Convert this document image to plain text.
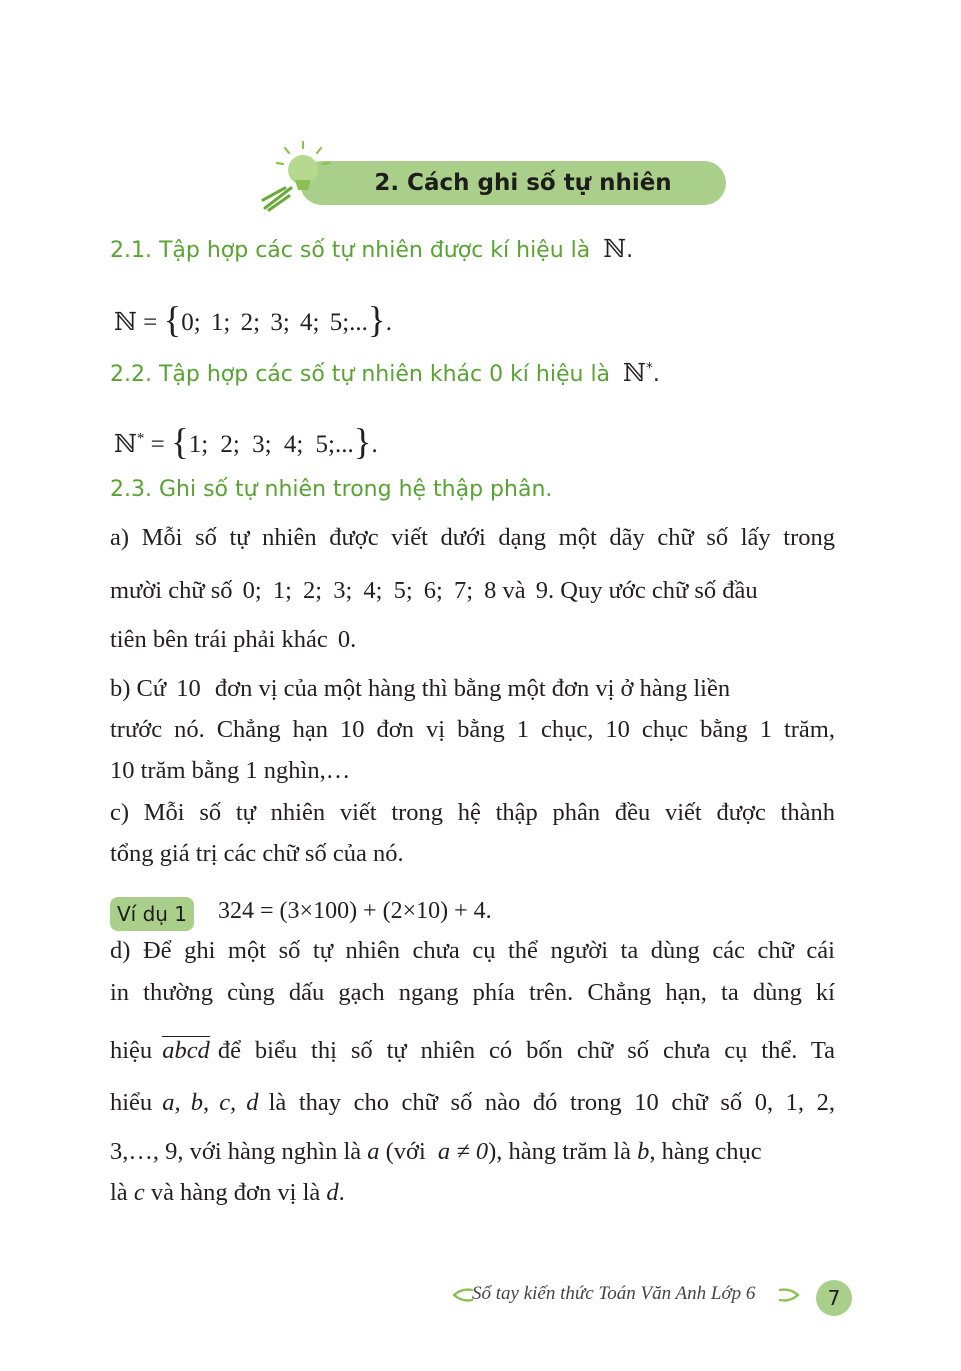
2. Cách ghi số tự nhiên
2.1. Tập hợp các số tự nhiên được kí hiệu là ℕ.
ℕ = {0; 1; 2; 3; 4; 5;...}.
2.2. Tập hợp các số tự nhiên khác 0 kí hiệu là ℕ*.
ℕ* = {1; 2; 3; 4; 5;...}.
2.3. Ghi số tự nhiên trong hệ thập phân.
a) Mỗi số tự nhiên được viết dưới dạng một dãy chữ số lấy trong
mười chữ số 0; 1; 2; 3; 4; 5; 6; 7; 8 và 9. Quy ước chữ số đầu
tiên bên trái phải khác 0.
b) Cứ 10 đơn vị của một hàng thì bằng một đơn vị ở hàng liền
trước nó. Chẳng hạn 10 đơn vị bằng 1 chục, 10 chục bằng 1 trăm,
10 trăm bằng 1 nghìn,…
c) Mỗi số tự nhiên viết trong hệ thập phân đều viết được thành
tổng giá trị các chữ số của nó.
Ví dụ 1 324 = (3×100) + (2×10) + 4.
d) Để ghi một số tự nhiên chưa cụ thể người ta dùng các chữ cái
in thường cùng dấu gạch ngang phía trên. Chẳng hạn, ta dùng kí
hiệu abcd để biểu thị số tự nhiên có bốn chữ số chưa cụ thể. Ta
hiểu a, b, c, d là thay cho chữ số nào đó trong 10 chữ số 0, 1, 2,
3,…, 9, với hàng nghìn là a (với a ≠ 0), hàng trăm là b, hàng chục
là c và hàng đơn vị là d.
Sổ tay kiến thức Toán Văn Anh Lớp 6	7
